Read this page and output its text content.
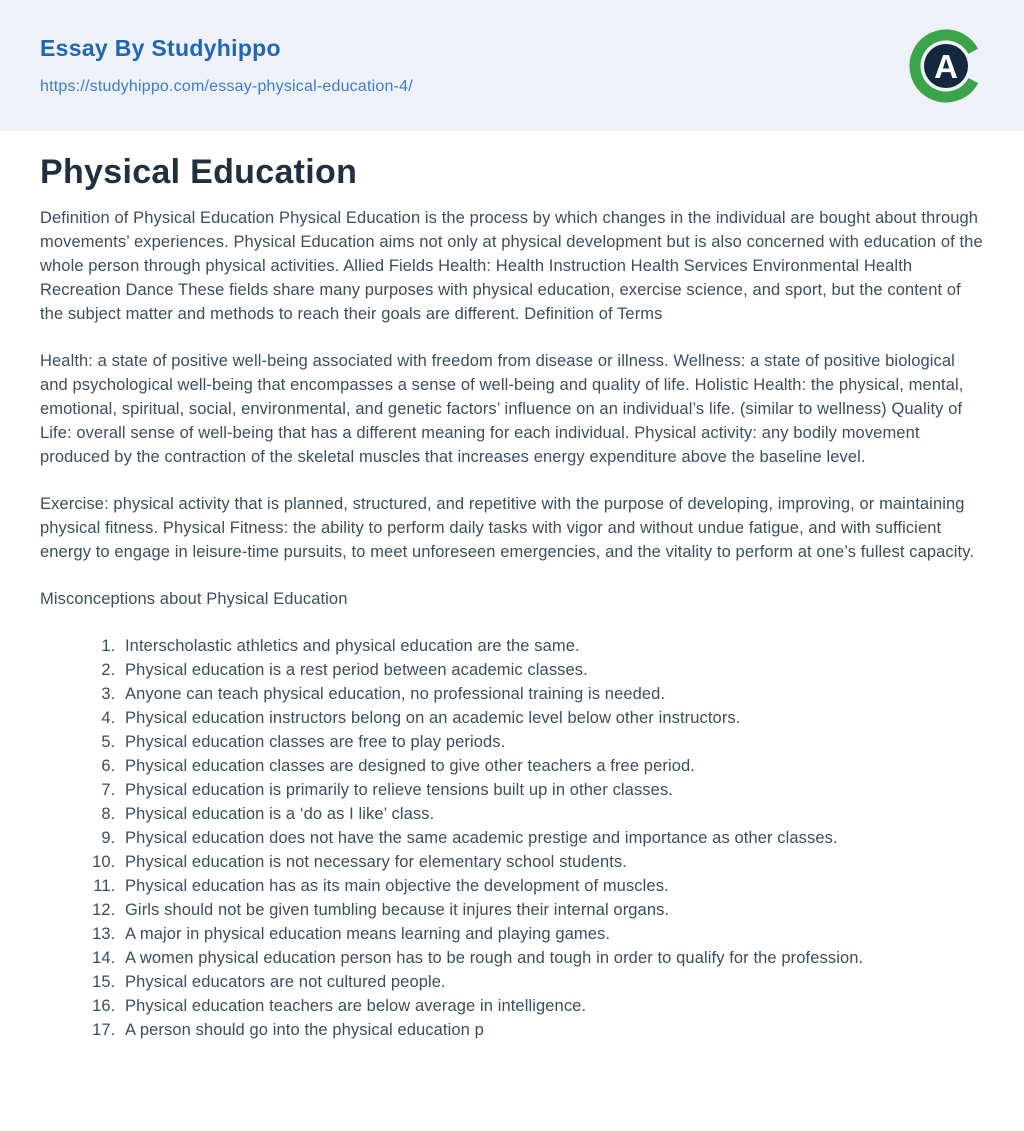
Essay By Studyhippo
https://studyhippo.com/essay-physical-education-4/
A
Physical Education

Definition of Physical Education Physical Education is the process by which changes in the individual are bought about through movements’ experiences. Physical Education aims not only at physical development but is also concerned with education of the whole person through physical activities. Allied Fields Health: Health Instruction Health Services Environmental Health Recreation Dance These fields share many purposes with physical education, exercise science, and sport, but the content of the subject matter and methods to reach their goals are different. Definition of Terms

Health: a state of positive well-being associated with freedom from disease or illness. Wellness: a state of positive biological and psychological well-being that encompasses a sense of well-being and quality of life. Holistic Health: the physical, mental, emotional, spiritual, social, environmental, and genetic factors’ influence on an individual’s life. (similar to wellness) Quality of Life: overall sense of well-being that has a different meaning for each individual. Physical activity: any bodily movement produced by the contraction of the skeletal muscles that increases energy expenditure above the baseline level.

Exercise: physical activity that is planned, structured, and repetitive with the purpose of developing, improving, or maintaining physical fitness. Physical Fitness: the ability to perform daily tasks with vigor and without undue fatigue, and with sufficient energy to engage in leisure-time pursuits, to meet unforeseen emergencies, and the vitality to perform at one’s fullest capacity.

Misconceptions about Physical Education

1. Interscholastic athletics and physical education are the same.
2. Physical education is a rest period between academic classes.
3. Anyone can teach physical education, no professional training is needed.
4. Physical education instructors belong on an academic level below other instructors.
5. Physical education classes are free to play periods.
6. Physical education classes are designed to give other teachers a free period.
7. Physical education is primarily to relieve tensions built up in other classes.
8. Physical education is a ‘do as I like’ class.
9. Physical education does not have the same academic prestige and importance as other classes.
10. Physical education is not necessary for elementary school students.
11. Physical education has as its main objective the development of muscles.
12. Girls should not be given tumbling because it injures their internal organs.
13. A major in physical education means learning and playing games.
14. A women physical education person has to be rough and tough in order to qualify for the profession.
15. Physical educators are not cultured people.
16. Physical education teachers are below average in intelligence.
17. A person should go into the physical education p
